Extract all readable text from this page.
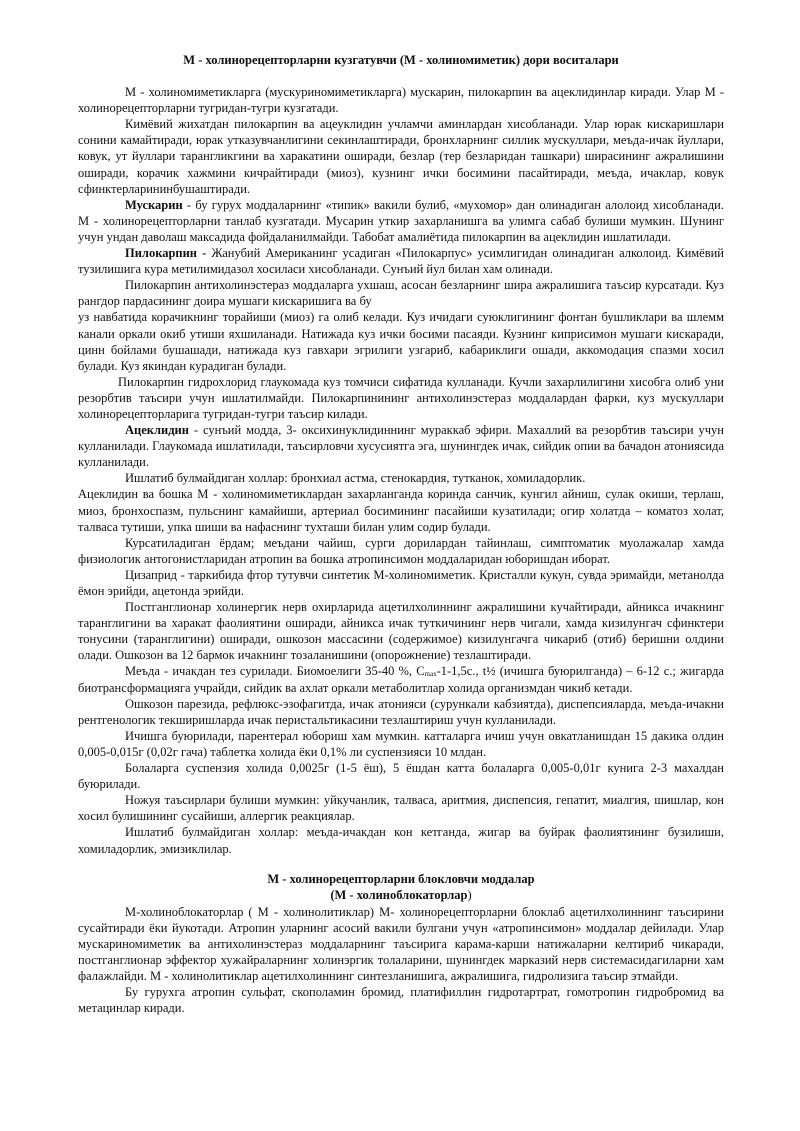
M - холинорецепторларни кузгатувчи (M - холиномиметик) дори воситалари

M - холиномиметикларга (мускуриномиметикларга) мускарин, пилокарпин ва ацеклидинлар киради. Улар M - холинорецепторларни тугридан-тугри кузгатади.

Кимёвий жихатдан пилокарпин ва ацеуклидин учламчи аминлардан хисобланади. Улар юрак кискаришлари сонини камайтиради, юрак утказувчанлигини секинлаштиради, бронхларнинг силлик мускуллари, меъда-ичак йуллари, ковук, ут йуллари тарангликгини ва харакатини оширади, безлар (тер безларидан ташкари) ширасининг ажралишини оширади, корачик хажмини кичрайтиради (миоз), кузнинг ички босимини пасайтиради, меъда, ичаклар, ковук сфинктерларининбушаштиради.

Мускарин - бу гурух моддаларнинг «типик» вакили булиб, «мухомор» дан олинадиган алолоид хисобланади. M - холинорецепторларни танлаб кузгатади. Мусарин уткир захарланишга ва улимга сабаб булиши мумкин. Шунинг учун ундан даволаш максадида фойдаланилмайди. Табобат амалиётида пилокарпин ва ацеклидин ишлатилади.

Пилокарпин - Жанубий Американинг усадиган «Пилокарпус» усимлигидан олинадиган алколоид. Кимёвий тузилишига кура метилимидазол хосиласи хисобланади. Сунъий йул билан хам олинади.

Пилокарпин антихолинэстераз моддаларга ухшаш, асосан безларнинг шира ажралишига таъсир курсатади. Куз рангдор пардасининг доира мушаги кискаришига ва бу

уз навбатида корачикнинг торайиши (миоз) га олиб келади. Куз ичидаги суюклигининг фонтан бушликлари ва шлемм канали оркали окиб утиши яхшиланади. Натижада куз ички босими пасаяди. Кузнинг киприсимон мушаги кискаради, цинн бойлами бушашади, натижада куз гавхари эгрилиги узгариб, кабариклиги ошади, аккомодация спазми хосил булади. Куз якиндан курадиган булади.

Пилокарпин гидрохлорид глаукомада куз томчиси сифатида кулланади. Кучли захарлилигини хисобга олиб уни резорбтив таъсири учун ишлатилмайди. Пилокарпинининг антихолинэстераз моддалардан фарки, куз мускуллари холинорецепторларига тугридан-тугри таъсир килади.

Ацеклидин - сунъий модда, 3- оксихинуклидиннинг мураккаб эфири. Махаллий ва резорбтив таъсири учун кулланилади. Глаукомада ишлатилади, таъсирловчи хусусиятга эга, шунингдек ичак, сийдик опии ва бачадон атониясида кулланилади.

Ишлатиб булмайдиган холлар: бронхиал астма, стенокардия, тутканок, хомиладорлик.

Ацеклидин ва бошка M - холиномиметиклардан захарланганда коринда санчик, кунгил айниш, сулак окиши, терлаш, миоз, бронхоспазм, пульснинг камайиши, артериал босимининг пасайиши кузатилади; огир холатда – коматоз холат, талваса тутиши, упка шиши ва нафаснинг тухташи билан улим содир булади.

Курсатиладиган ёрдам; меъдани чайиш, сурги дорилардан тайинлаш, симптоматик муолажалар хамда физиологик антогонистларидан атропин ва бошка атропинсимон моддаларидан юборишдан иборат.

Цизаприд - таркибида фтор тутувчи синтетик M-холиномиметик. Кристалли кукун, сувда эримайди, метанолда ёмон эрийди, ацетонда эрийди.

Постганглионар холинергик нерв охирларида ацетилхолиннинг ажралишини кучайтиради, айникса ичакнинг таранглигини ва харакат фаолиятини оширади, айникса ичак туткичининг нерв чигали, хамда кизилунгач сфинктери тонусини (таранглигини) оширади, ошкозон массасини (содержимое) кизилунгачга чикариб (отиб) беришни олдини олади. Ошкозон ва 12 бармок ичакнинг тозаланишини (опорожнение) тезлаштиради.

Меъда - ичакдан тез сурилади. Биомоелиги 35-40 %, $C_{max}-1-1,5c$., t½ (ичишга буюрилганда) – 6-12 с.; жигарда биотрансформацияга учрайди, сийдик ва ахлат оркали метаболитлар холида организмдан чикиб кетади.

Ошкозон парезида, рефлюкс-эзофагитда, ичак атонияси (сурункали кабзиятда), диспепсияларда, меъда-ичакни рентгенологик текширишларда ичак перистальтикасини тезлаштириш учун кулланилади.

Ичишга буюрилади, парентерал юбориш хам мумкин. катталарга ичиш учун овкатланишдан 15 дакика олдин 0,005-0,015г (0,02г гача) таблетка холида ёки 0,1% ли суспензияси 10 млдан.

Болаларга суспензия холида 0,0025г (1-5 ёш), 5 ёшдан катта болаларга 0,005-0,01г кунига 2-3 махалдан буюрилади.

Ножуя таъсирлари булиши мумкин: уйкучанлик, талваса, аритмия, диспепсия, гепатит, миалгия, шишлар, кон хосил булишининг сусайиши, аллергик реакциялар.

Ишлатиб булмайдиган холлар: меъда-ичакдан кон кетганда, жигар ва буйрак фаолиятининг бузилиши, хомиладорлик, эмизиклилар.

M - холинорецепторларни блокловчи моддалар
(M - холиноблокаторлар)

M-холиноблокаторлар ( M - холинолитиклар) M- холинорецепторларни блоклаб ацетилхолиннинг таъсирини сусайтиради ёки йукотади. Атропин уларнинг асосий вакили булгани учун «атропинсимон» моддалар дейилади. Улар мускариномиметик ва антихолинэстераз моддаларнинг таъсирига карама-карши натижаларни келтириб чикаради, постганглионар эффектор хужайраларнинг холинэргик толаларини, шунингдек марказий нерв системасидагиларни хам фалажлайди. M - холинолитиклар ацетилхолиннинг синтезланишига, ажралишига, гидролизига таъсир этмайди.

Бу гурухга атропин сульфат, скополамин бромид, платифиллин гидротартрат, гомотропин гидробромид ва метацинлар киради.
